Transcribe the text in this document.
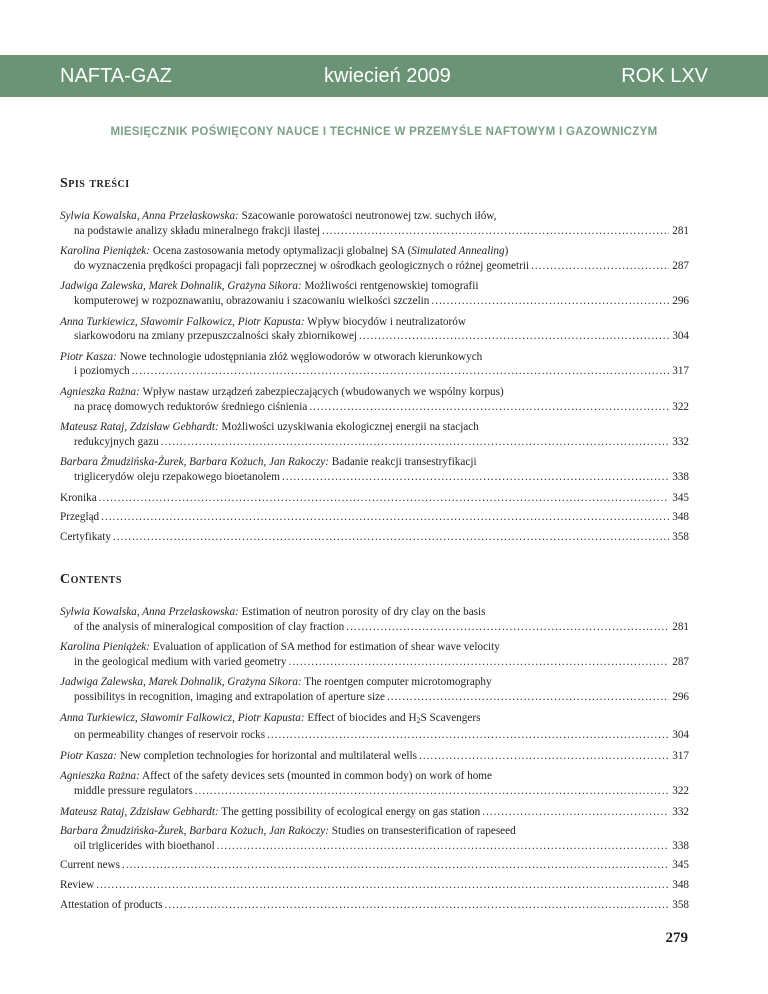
NAFTA-GAZ	kwiecień 2009	ROK LXV
MIESIĘCZNIK POŚWIĘCONY NAUCE I TECHNICE W PRZEMYŚLE NAFTOWYM I GAZOWNICZYM
Spis treści
Sylwia Kowalska, Anna Przelaskowska: Szacowanie porowatości neutronowej tzw. suchych iłów,
na podstawie analizy składu mineralnego frakcji ilastej .....	281
Karolina Pieniążek: Ocena zastosowania metody optymalizacji globalnej SA (Simulated Annealing)
do wyznaczenia prędkości propagacji fali poprzecznej w ośrodkach geologicznych o różnej geometrii .....	287
Jadwiga Zalewska, Marek Dohnalik, Grażyna Sikora: Możliwości rentgenowskiej tomografii
komputerowej w rozpoznawaniu, obrazowaniu i szacowaniu wielkości szczelin .....	296
Anna Turkiewicz, Sławomir Falkowicz, Piotr Kapusta: Wpływ biocydów i neutralizatorów
siarkowodoru na zmiany przepuszczalności skały zbiornikowej .....	304
Piotr Kasza: Nowe technologie udostępniania złóż węglowodorów w otworach kierunkowych
i poziomych .....	317
Agnieszka Rażna: Wpływ nastaw urządzeń zabezpieczających (wbudowanych we wspólny korpus)
na pracę domowych reduktorów średniego ciśnienia .....	322
Mateusz Rataj, Zdzisław Gebhardt: Możliwości uzyskiwania ekologicznej energii na stacjach
redukcyjnych gazu .....	332
Barbara Żmudzińska-Żurek, Barbara Kożuch, Jan Rakoczy: Badanie reakcji transestryfikacji
triglicerydów oleju rzepakowego bioetanolem .....	338
Kronika .....	345
Przegląd .....	348
Certyfikaty .....	358
Contents
Sylwia Kowalska, Anna Przelaskowska: Estimation of neutron porosity of dry clay on the basis
of the analysis of mineralogical composition of clay fraction .....	281
Karolina Pieniążek: Evaluation of application of SA method for estimation of shear wave velocity
in the geological medium with varied geometry .....	287
Jadwiga Zalewska, Marek Dohnalik, Grażyna Sikora: The roentgen computer microtomography
possibilitys in recognition, imaging and extrapolation of aperture size .....	296
Anna Turkiewicz, Sławomir Falkowicz, Piotr Kapusta: Effect of biocides and $H_2S$ Scavengers
on permeability changes of reservoir rocks .....	304
Piotr Kasza: New completion technologies for horizontal and multilateral wells .....	317
Agnieszka Rażna: Affect of the safety devices sets (mounted in common body) on work of home
middle pressure regulators .....	322
Mateusz Rataj, Zdzisław Gebhardt: The getting possibility of ecological energy on gas station .....	332
Barbara Żmudzińska-Żurek, Barbara Kożuch, Jan Rakoczy: Studies on transesterification of rapeseed
oil triglicerides with bioethanol .....	338
Current news .....	345
Review .....	348
Attestation of products .....	358
279
